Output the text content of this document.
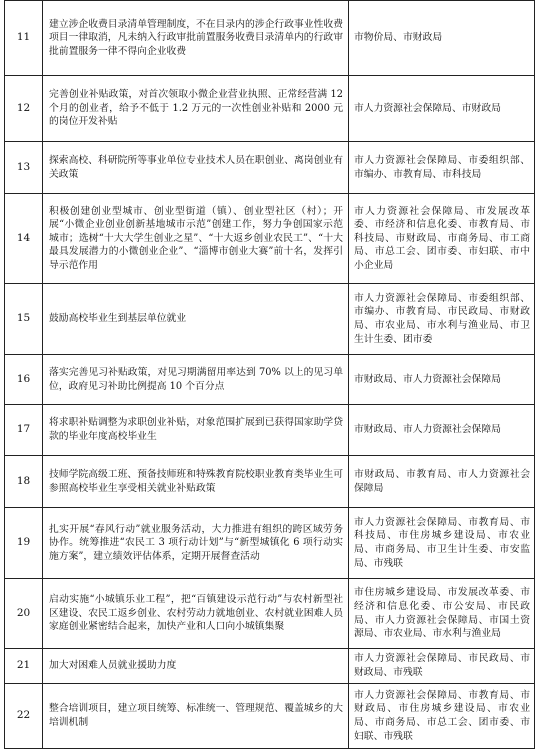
11	建立涉企收费目录清单管理制度，不在目录内的涉企行政事业性收费项目一律取消，凡未纳入行政审批前置服务收费目录清单内的行政审批前置服务一律不得向企业收费	市物价局、市财政局
12	完善创业补贴政策，对首次领取小微企业营业执照、正常经营满 12 个月的创业者，给予不低于 1.2 万元的一次性创业补贴和 2000 元的岗位开发补贴	市人力资源社会保障局、市财政局
13	探索高校、科研院所等事业单位专业技术人员在职创业、离岗创业有关政策	市人力资源社会保障局、市委组织部、市编办、市教育局、市科技局
14	积极创建创业型城市、创业型街道（镇）、创业型社区（村）；开展“小微企业创业创新基地城市示范”创建工作，努力争创国家示范城市；选树“十大大学生创业之星”、“十大返乡创业农民工”、“十大最具发展潜力的小微创业企业”、“淄博市创业大赛”前十名，发挥引导示范作用	市人力资源社会保障局、市发展改革委、市经济和信息化委、市教育局、市科技局、市财政局、市商务局、市工商局、市总工会、团市委、市妇联、市中小企业局
15	鼓励高校毕业生到基层单位就业	市人力资源社会保障局、市委组织部、市编办、市教育局、市民政局、市财政局、市农业局、市水利与渔业局、市卫生计生委、团市委
16	落实完善见习补贴政策，对见习期满留用率达到 70% 以上的见习单位，政府见习补助比例提高 10 个百分点	市财政局、市人力资源社会保障局
17	将求职补贴调整为求职创业补贴，对象范围扩展到已获得国家助学贷款的毕业年度高校毕业生	市财政局、市人力资源社会保障局
18	技师学院高级工班、预备技师班和特殊教育院校职业教育类毕业生可参照高校毕业生享受相关就业补贴政策	市财政局、市教育局、市人力资源社会保障局
19	扎实开展“春风行动”就业服务活动，大力推进有组织的跨区域劳务协作。统筹推进“农民工 3 项行动计划”与“新型城镇化 6 项行动实施方案”，建立绩效评估体系，定期开展督查活动	市人力资源社会保障局、市教育局、市科技局、市住房城乡建设局、市农业局、市商务局、市卫生计生委、市安监局、市残联
20	启动实施“小城镇乐业工程”，把“百镇建设示范行动”与农村新型社区建设、农民工返乡创业、农村劳动力就地创业、农村就业困难人员家庭创业紧密结合起来，加快产业和人口向小城镇集聚	市住房城乡建设局、市发展改革委、市经济和信息化委、市公安局、市民政局、市人力资源社会保障局、市国土资源局、市农业局、市水利与渔业局
21	加大对困难人员就业援助力度	市人力资源社会保障局、市民政局、市财政局、市残联
22	整合培训项目，建立项目统筹、标准统一、管理规范、覆盖城乡的大培训机制	市人力资源社会保障局、市教育局、市财政局、市住房城乡建设局、市农业局、市商务局、市总工会、团市委、市妇联、市残联
